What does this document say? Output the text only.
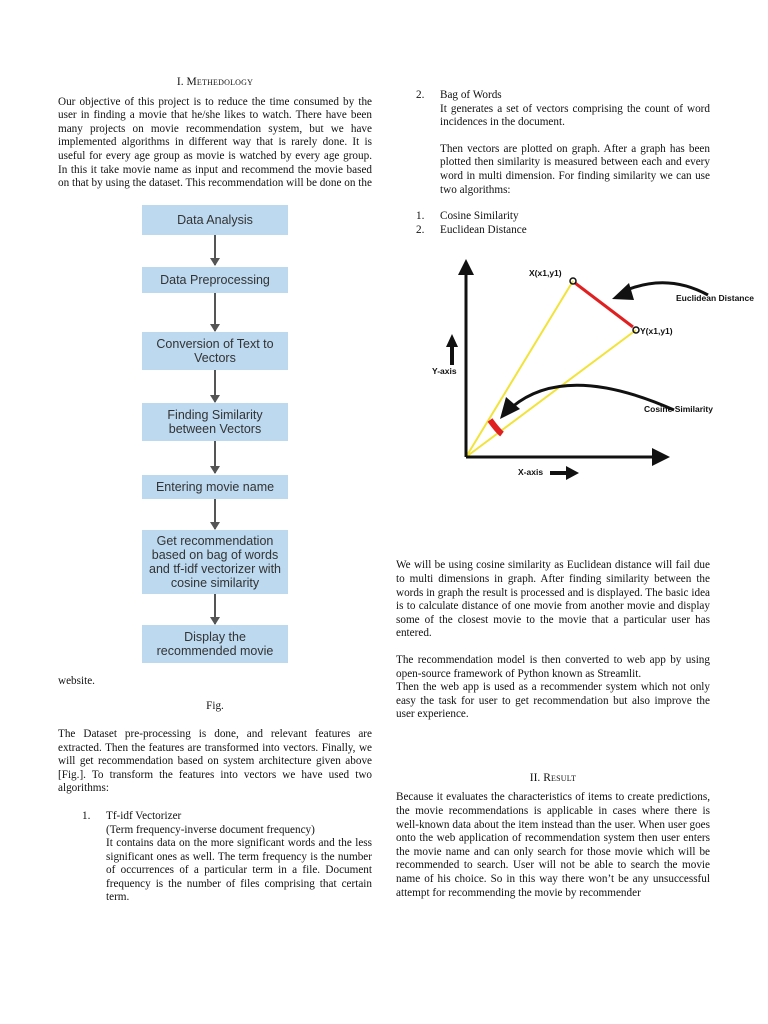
I. Methedology

Our objective of this project is to reduce the time consumed by the user in finding a movie that he/she likes to watch. There have been many projects on movie recommendation system, but we have implemented algorithms in different way that is rarely done. It is useful for every age group as movie is watched by every age group. In this it take movie name as input and recommend the movie based on that by using the dataset. This recommendation will be done on the

Data Analysis
Data Preprocessing
Conversion of Text to Vectors
Finding Similarity between Vectors
Entering movie name
Get recommendation based on bag of words and tf-idf vectorizer with cosine similarity
Display the recommended movie

website.

Fig.

The Dataset pre-processing is done, and relevant features are extracted. Then the features are transformed into vectors. Finally, we will get recommendation based on system architecture given above [Fig.]. To transform the features into vectors we have used two algorithms:

1.	Tf-idf Vectorizer
(Term frequency-inverse document frequency)

It contains data on the more significant words and the less significant ones as well. The term frequency is the number of occurrences of a particular term in a file. Document frequency is the number of files comprising that certain term.

2.	Bag of Words

It generates a set of vectors comprising the count of word incidences in the document.

Then vectors are plotted on graph. After a graph has been plotted then similarity is measured between each and every word in multi dimension. For finding similarity we can use two algorithms:

1.	Cosine Similarity
2.	Euclidean Distance
X(x1,y1)
Y(x1,y1)
Euclidean Distance
Cosine Similarity
Y-axis
X-axis

We will be using cosine similarity as Euclidean distance will fail due to multi dimensions in graph. After finding similarity between the words in graph the result is processed and is displayed. The basic idea is to calculate distance of one movie from another movie and display some of the closest movie to the movie that a particular user has entered.

The recommendation model is then converted to web app by using open-source framework of Python known as Streamlit.

Then the web app is used as a recommender system which not only easy the task for user to get recommendation but also improve the user experience.

II. Result

Because it evaluates the characteristics of items to create predictions, the movie recommendations is applicable in cases where there is well-known data about the item instead than the user. When user goes onto the web application of recommendation system then user enters the movie name and can only search for those movie which will be recommended to search. User will not be able to search the movie name of his choice. So in this way there won’t be any unsuccessful attempt for recommending the movie by recommender
